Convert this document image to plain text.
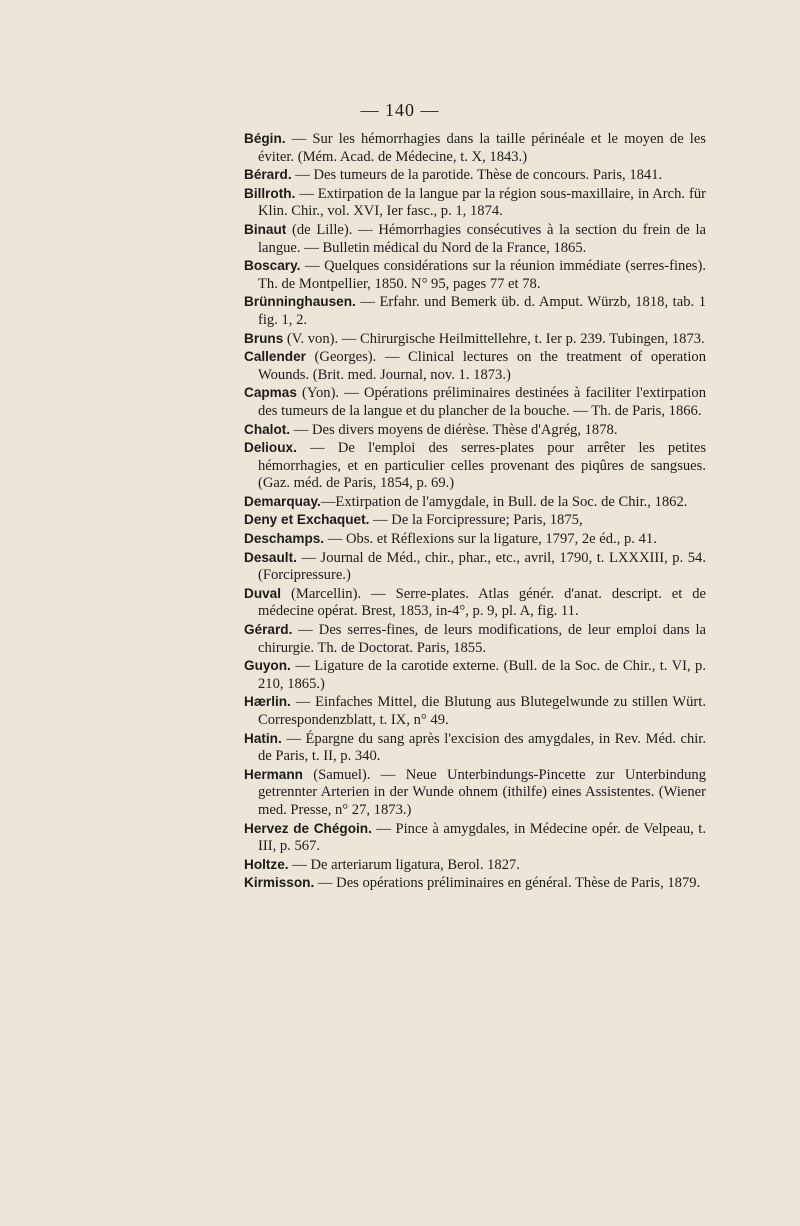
— 140 —

Bégin. — Sur les hémorrhagies dans la taille périnéale et le moyen de les éviter. (Mém. Acad. de Médecine, t. X, 1843.)

Bérard. — Des tumeurs de la parotide. Thèse de concours. Paris, 1841.

Billroth. — Extirpation de la langue par la région sous-maxillaire, in Arch. für Klin. Chir., vol. XVI, Ier fasc., p. 1, 1874.

Binaut (de Lille). — Hémorrhagies consécutives à la section du frein de la langue. — Bulletin médical du Nord de la France, 1865.

Boscary. — Quelques considérations sur la réunion immédiate (serres-fines). Th. de Montpellier, 1850. N° 95, pages 77 et 78.

Brünninghausen. — Erfahr. und Bemerk üb. d. Amput. Würzb, 1818, tab. 1 fig. 1, 2.

Bruns (V. von). — Chirurgische Heilmittellehre, t. Ier p. 239. Tubingen, 1873.

Callender (Georges). — Clinical lectures on the treatment of operation Wounds. (Brit. med. Journal, nov. 1. 1873.)

Capmas (Yon). — Opérations préliminaires destinées à faciliter l'extirpation des tumeurs de la langue et du plancher de la bouche. — Th. de Paris, 1866.

Chalot. — Des divers moyens de diérèse. Thèse d'Agrég, 1878.

Delioux. — De l'emploi des serres-plates pour arrêter les petites hémorrhagies, et en particulier celles provenant des piqûres de sangsues. (Gaz. méd. de Paris, 1854, p. 69.)

Demarquay.—Extirpation de l'amygdale, in Bull. de la Soc. de Chir., 1862.

Deny et Exchaquet. — De la Forcipressure; Paris, 1875,

Deschamps. — Obs. et Réflexions sur la ligature, 1797, 2e éd., p. 41.

Desault. — Journal de Méd., chir., phar., etc., avril, 1790, t. LXXXIII, p. 54. (Forcipressure.)

Duval (Marcellin). — Serre-plates. Atlas génér. d'anat. descript. et de médecine opérat. Brest, 1853, in-4°, p. 9, pl. A, fig. 11.

Gérard. — Des serres-fines, de leurs modifications, de leur emploi dans la chirurgie. Th. de Doctorat. Paris, 1855.

Guyon. — Ligature de la carotide externe. (Bull. de la Soc. de Chir., t. VI, p. 210, 1865.)

Hærlin. — Einfaches Mittel, die Blutung aus Blutegelwunde zu stillen Würt. Correspondenzblatt, t. IX, n° 49.

Hatin. — Épargne du sang après l'excision des amygdales, in Rev. Méd. chir. de Paris, t. II, p. 340.

Hermann (Samuel). — Neue Unterbindungs-Pincette zur Unterbindung getrennter Arterien in der Wunde ohnem (ithilfe) eines Assistentes. (Wiener med. Presse, n° 27, 1873.)

Hervez de Chégoin. — Pince à amygdales, in Médecine opér. de Velpeau, t. III, p. 567.

Holtze. — De arteriarum ligatura, Berol. 1827.

Kirmisson. — Des opérations préliminaires en général. Thèse de Paris, 1879.
